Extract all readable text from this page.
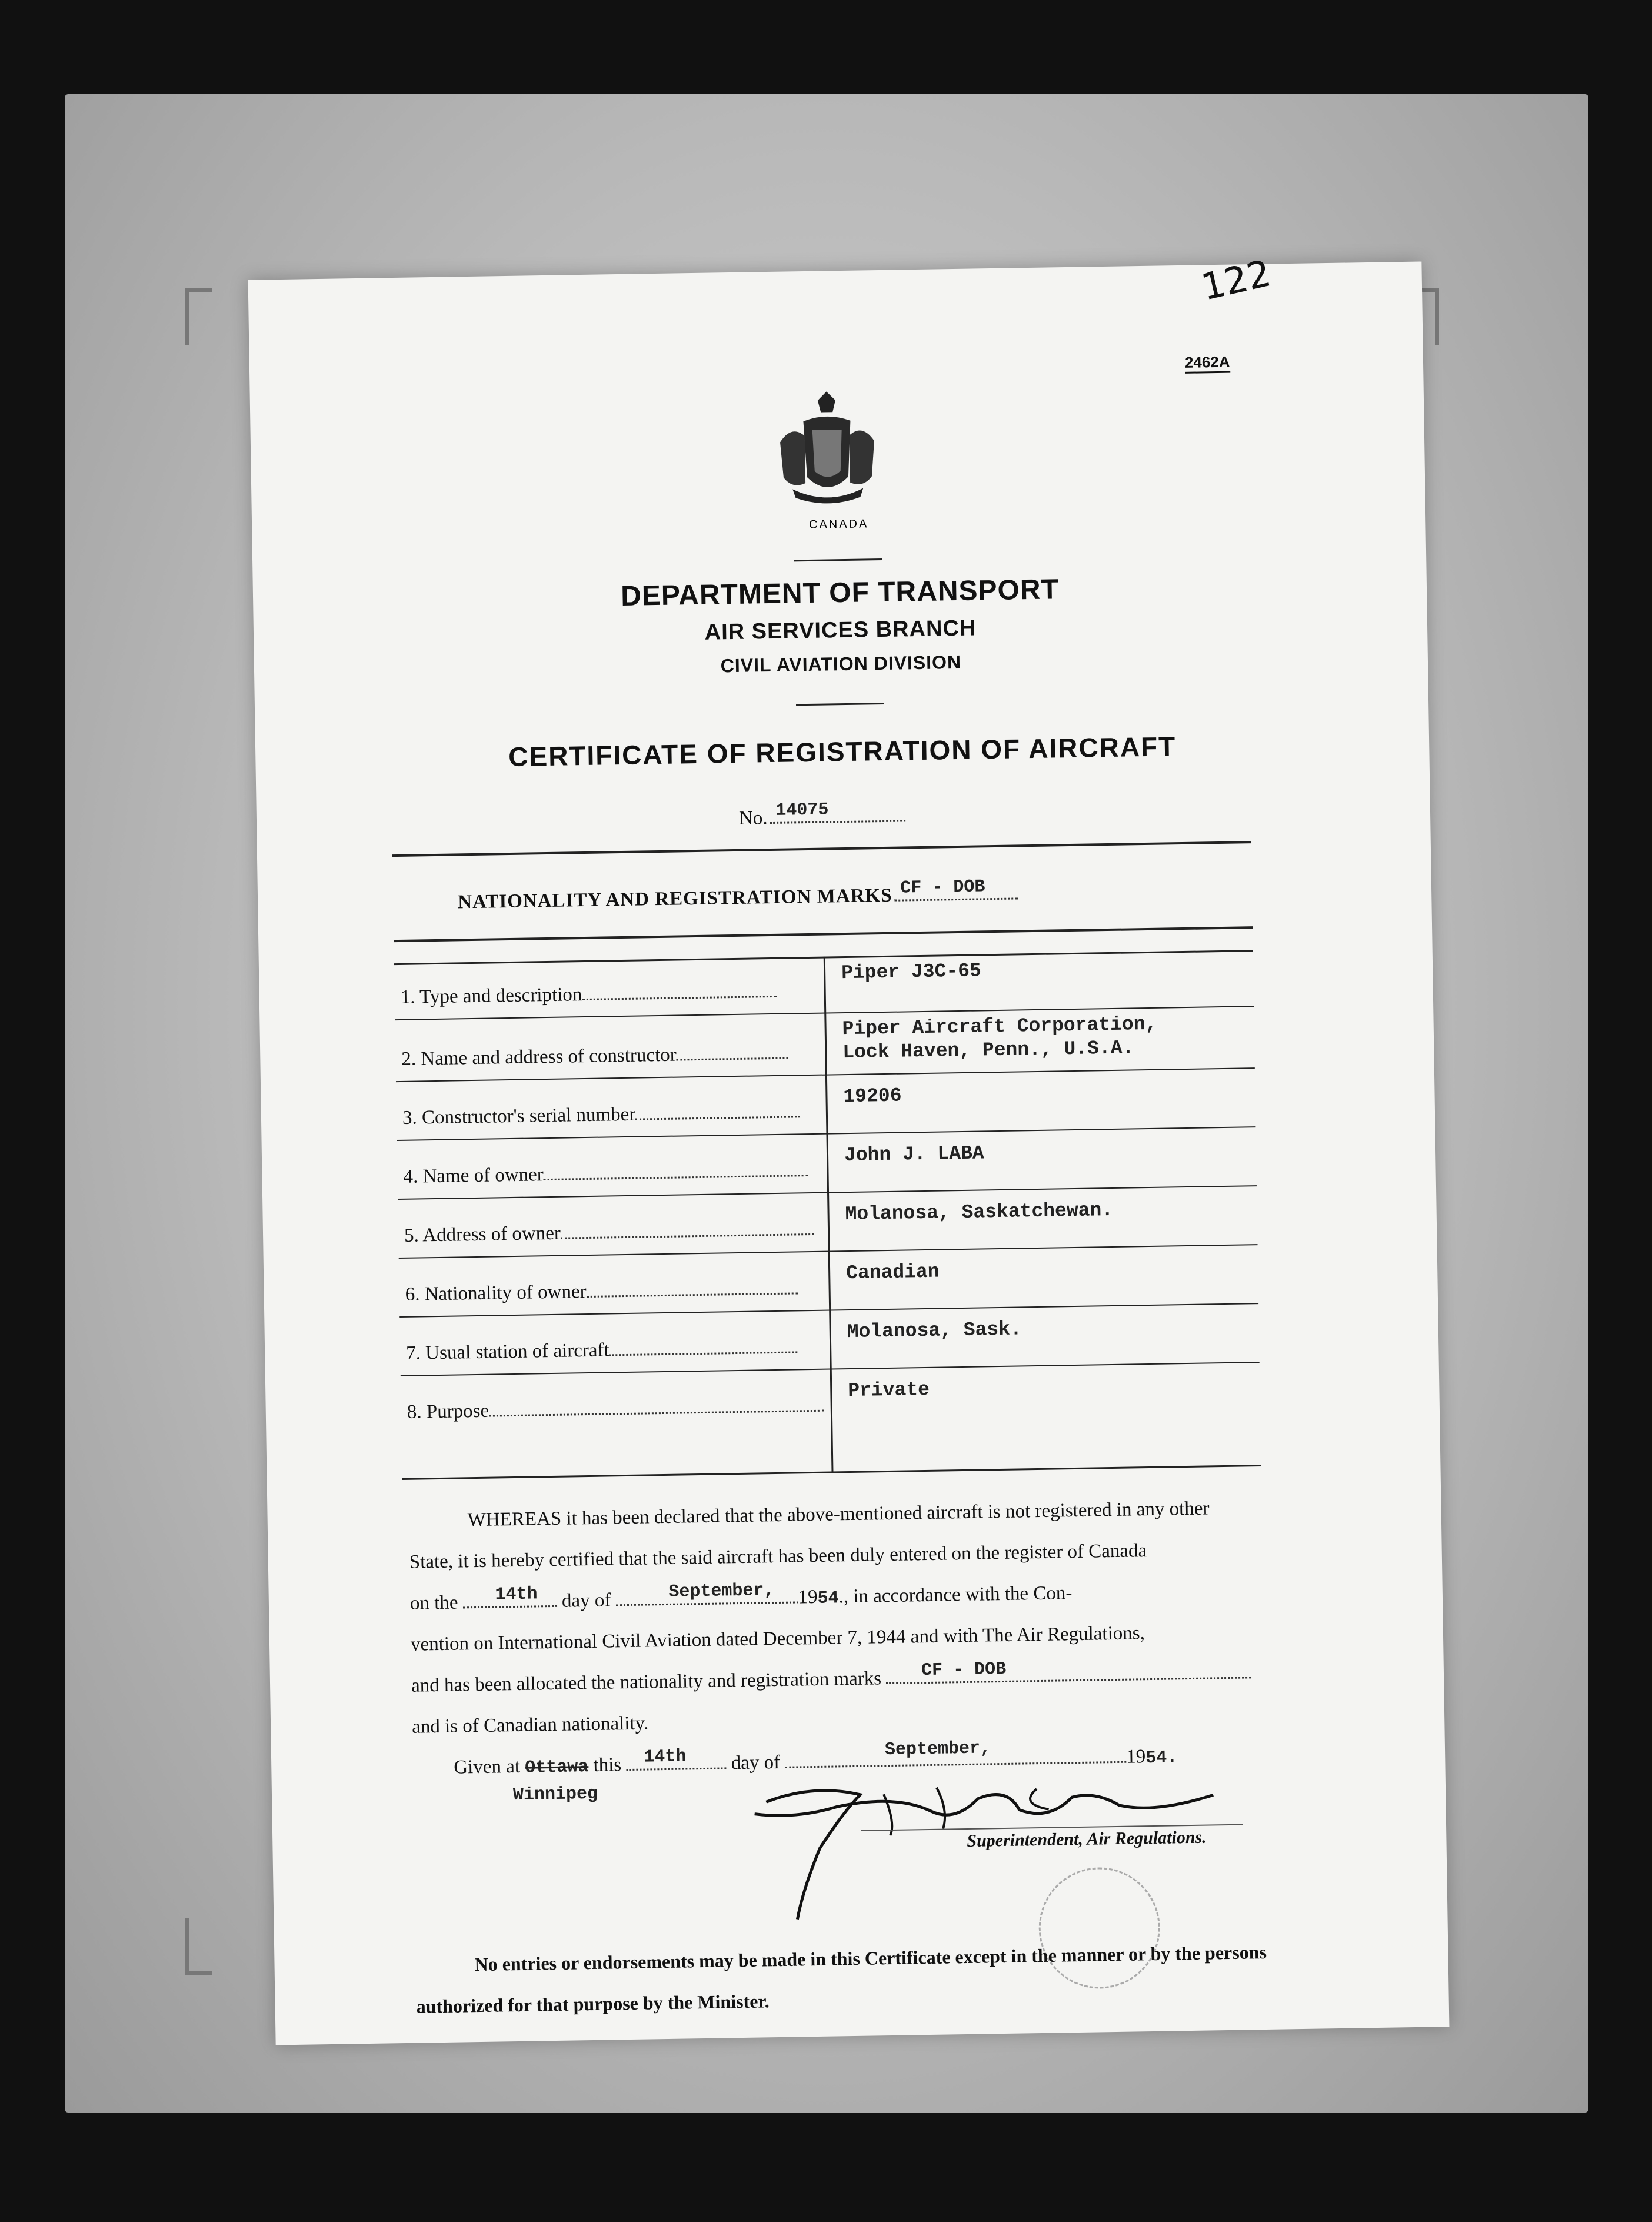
122
2462A
CANADA
DEPARTMENT OF TRANSPORT
AIR SERVICES BRANCH
CIVIL AVIATION DIVISION
CERTIFICATE OF REGISTRATION OF AIRCRAFT
No. 14075
NATIONALITY AND REGISTRATION MARKS CF - DOB
1. Type and description
Piper J3C-65
2. Name and address of constructor
Piper Aircraft Corporation,
Lock Haven, Penn., U.S.A.
3. Constructor's serial number
19206
4. Name of owner
John J. LABA
5. Address of owner
Molanosa, Saskatchewan.
6. Nationality of owner
Canadian
7. Usual station of aircraft
Molanosa, Sask.
8. Purpose
Private
WHEREAS it has been declared that the above-mentioned aircraft is not registered in any other
State, it is hereby certified that the said aircraft has been duly entered on the register of Canada
on the 14th day of	September, 1954., in accordance with the Con-
vention on International Civil Aviation dated December 7, 1944 and with The Air Regulations,
and has been allocated the nationality and registration marks CF - DOB
and is of Canadian nationality.
Given at Ottawa this 14th day of
September,	1954.
Winnipeg
Superintendent, Air Regulations.
No entries or endorsements may be made in this Certificate except in the manner or by the persons
authorized for that purpose by the Minister.
